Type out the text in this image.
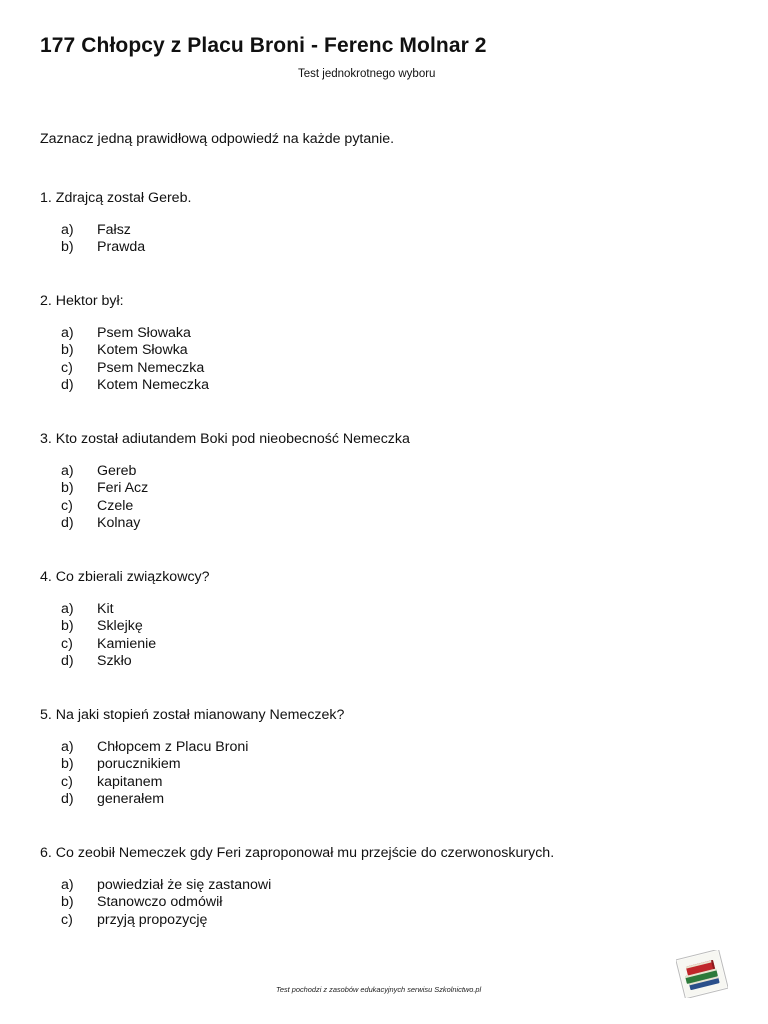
177 Chłopcy z Placu Broni - Ferenc Molnar 2
Test jednokrotnego wyboru
Zaznacz jedną prawidłową odpowiedź na każde pytanie.
1. Zdrajcą został Gereb.
a) Fałsz
b) Prawda
2. Hektor był:
a) Psem Słowaka
b) Kotem Słowka
c) Psem Nemeczka
d) Kotem Nemeczka
3. Kto został adiutandem Boki pod nieobecność Nemeczka
a) Gereb
b) Feri Acz
c) Czele
d) Kolnay
4. Co zbierali związkowcy?
a) Kit
b) Sklejkę
c) Kamienie
d) Szkło
5. Na jaki stopień został mianowany Nemeczek?
a) Chłopcem z Placu Broni
b) porucznikiem
c) kapitanem
d) generałem
6. Co zeobił Nemeczek gdy Feri zaproponował mu przejście do czerwonoskurych.
a) powiedział że się zastanowi
b) Stanowczo odmówił
c) przyją propozycję
Test pochodzi z zasobów edukacyjnych serwisu Szkolnictwo.pl
